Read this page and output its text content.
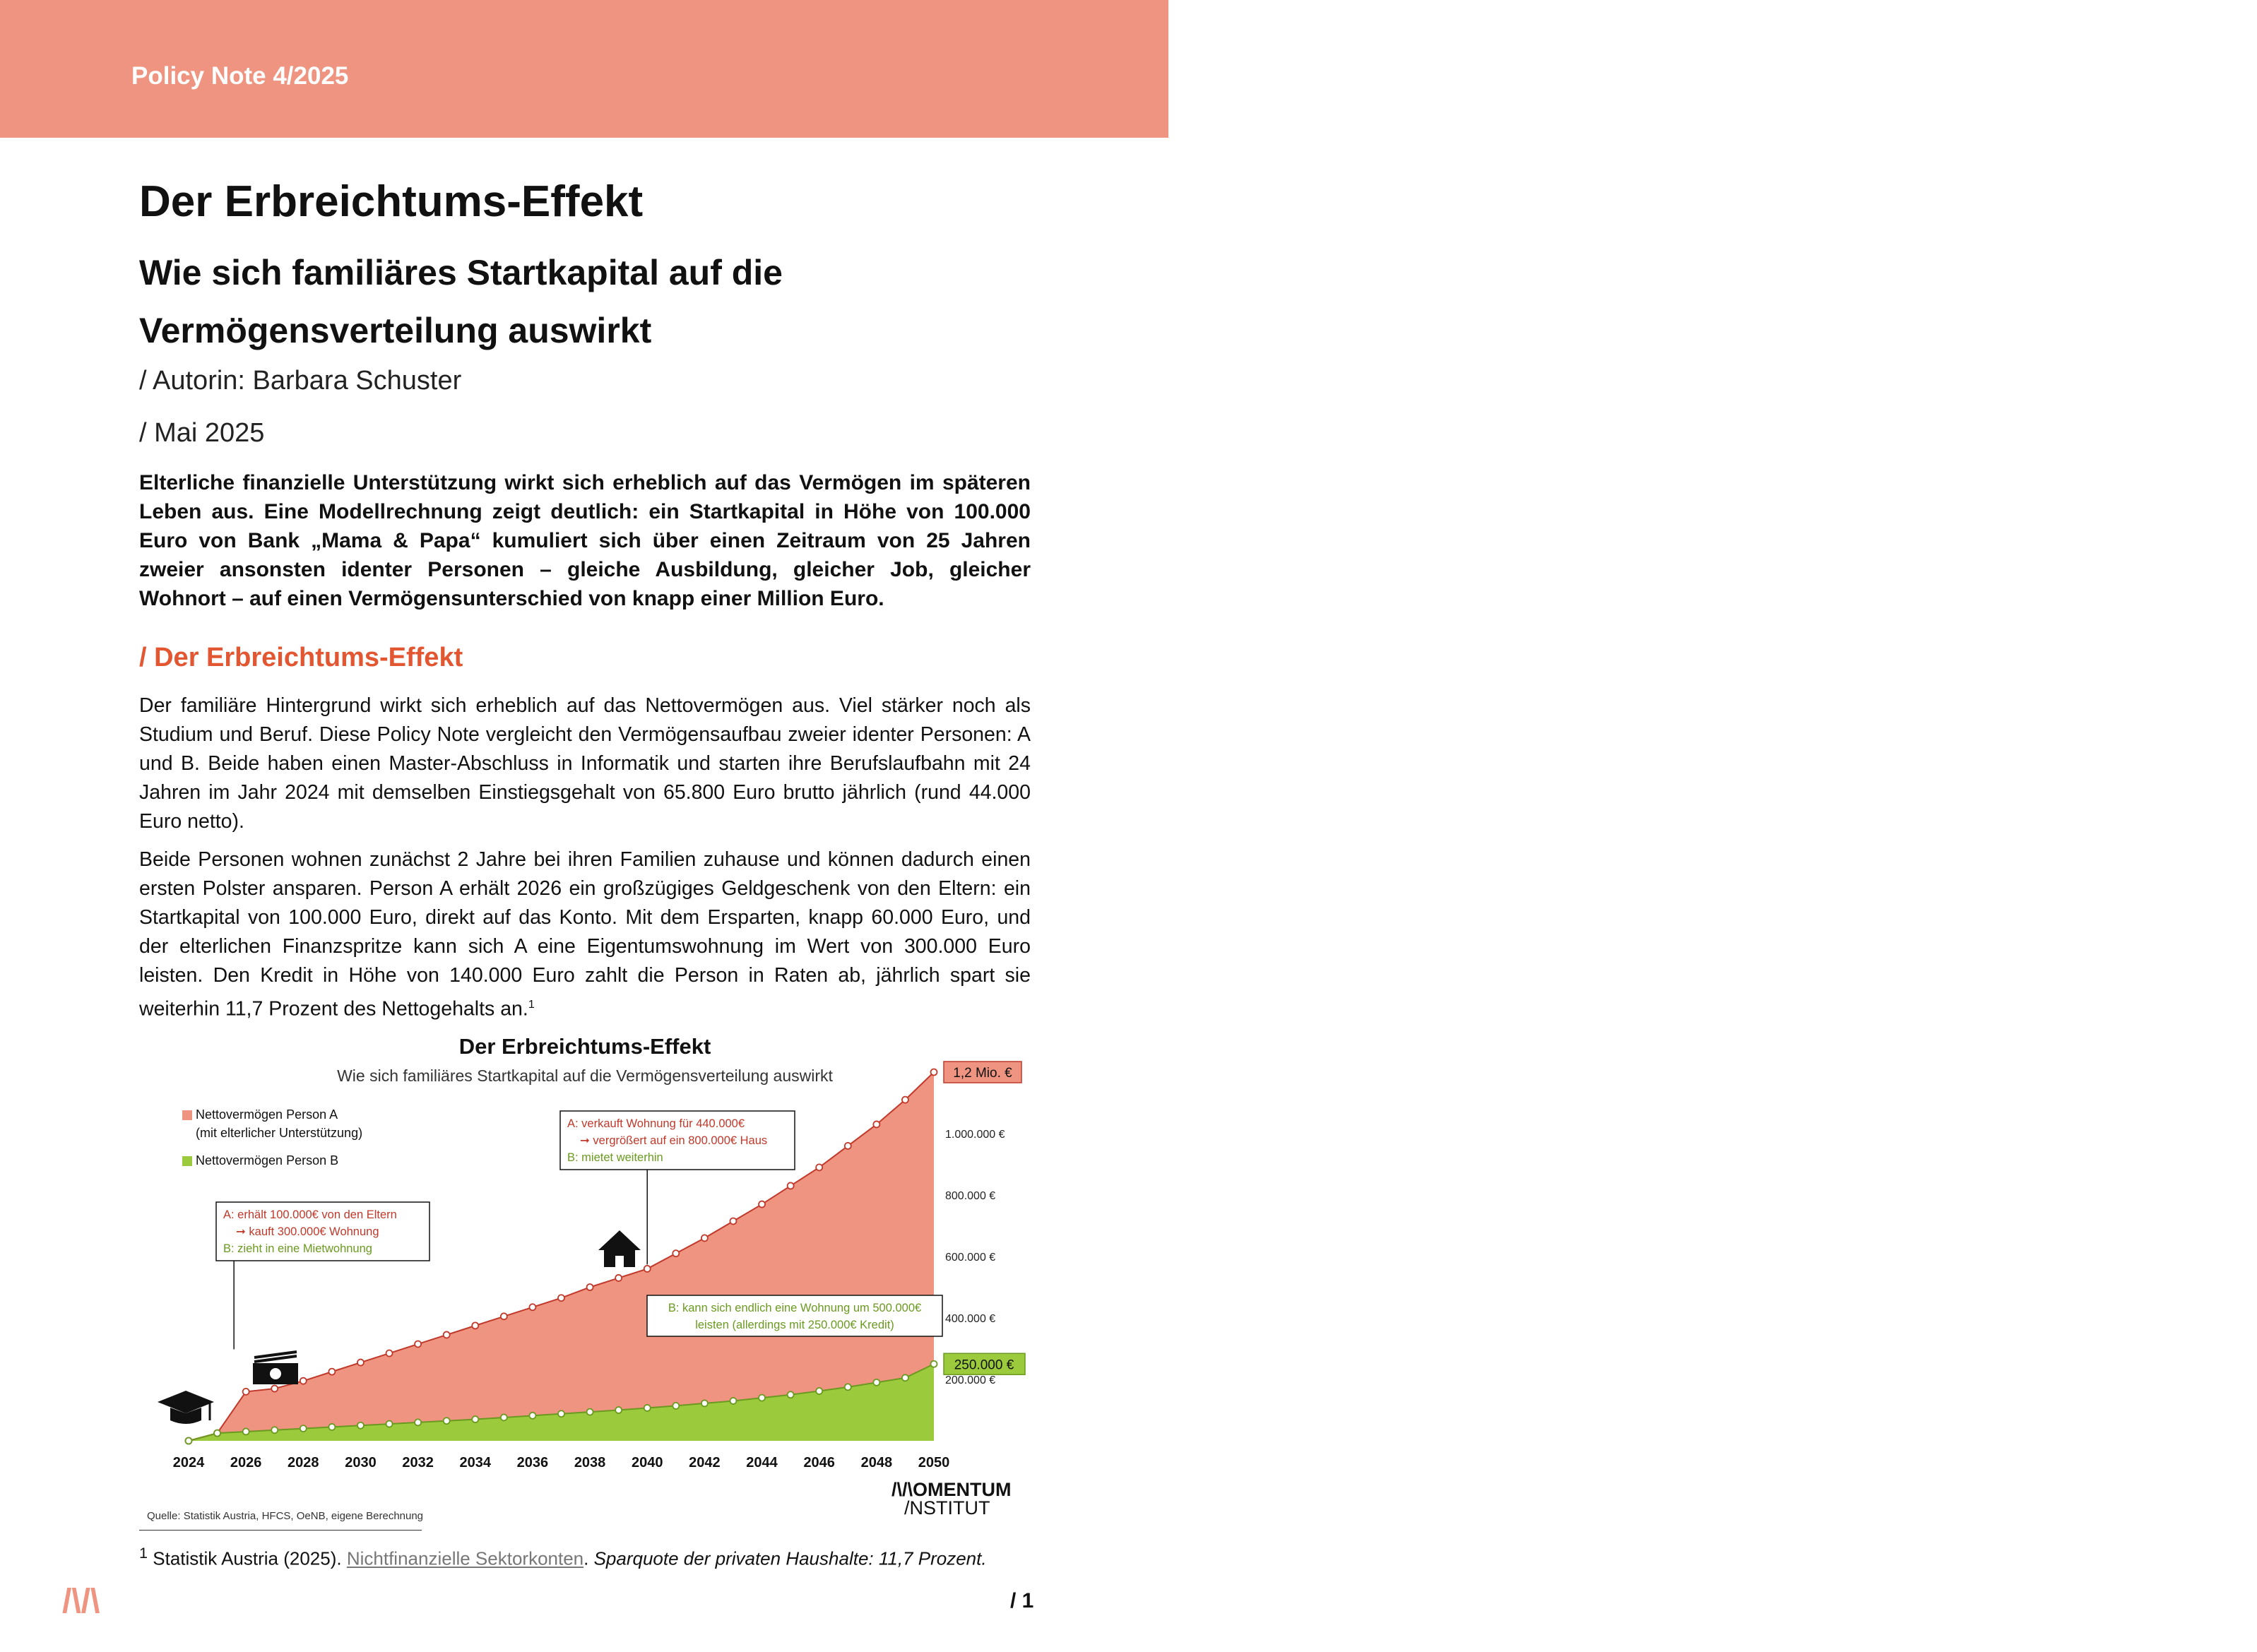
Policy Note 4/2025	/\/\OMENTUM
/NSTITUT
Der Erbreichtums-Effekt
Wie sich familiäres Startkapital auf die
Vermögensverteilung auswirkt
/ Autorin: Barbara Schuster
/ Mai 2025

Elterliche finanzielle Unterstützung wirkt sich erheblich auf das Vermögen im späteren Leben aus. Eine Modellrechnung zeigt deutlich: ein Startkapital in Höhe von 100.000 Euro von Bank „Mama & Papa“ kumuliert sich über einen Zeitraum von 25 Jahren zweier ansonsten identer Personen – gleiche Ausbildung, gleicher Job, gleicher Wohnort – auf einen Vermögensunterschied von knapp einer Million Euro.

/ Der Erbreichtums-Effekt

Der familiäre Hintergrund wirkt sich erheblich auf das Nettovermögen aus. Viel stärker noch als Studium und Beruf. Diese Policy Note vergleicht den Vermögensaufbau zweier identer Personen: A und B. Beide haben einen Master-Abschluss in Informatik und starten ihre Berufslaufbahn mit 24 Jahren im Jahr 2024 mit demselben Einstiegsgehalt von 65.800 Euro brutto jährlich (rund 44.000 Euro netto).

Beide Personen wohnen zunächst 2 Jahre bei ihren Familien zuhause und können dadurch einen ersten Polster ansparen. Person A erhält 2026 ein großzügiges Geldgeschenk von den Eltern: ein Startkapital von 100.000 Euro, direkt auf das Konto. Mit dem Ersparten, knapp 60.000 Euro, und der elterlichen Finanzspritze kann sich A eine Eigentumswohnung im Wert von 300.000 Euro leisten. Den Kredit in Höhe von 140.000 Euro zahlt die Person in Raten ab, jährlich spart sie weiterhin 11,7 Prozent des Nettogehalts an.$^1$

Der Erbreichtums-Effekt
Wie sich familiäres Startkapital auf die Vermögensverteilung auswirkt
2024 2026 2028 2030 2032 2034 2036 2038 2040 2042 2044 2046 2048 2050
200.000 €
400.000 €
600.000 €
800.000 €
1.000.000 €
1,2 Mio. €
250.000 €
Nettovermögen Person A
(mit elterlicher Unterstützung)
Nettovermögen Person B
A: erhält 100.000€ von den Eltern
➞ kauft 300.000€ Wohnung
B: zieht in eine Mietwohnung
A: verkauft Wohnung für 440.000€
➞ vergrößert auf ein 800.000€ Haus
B: mietet weiterhin
B: kann sich endlich eine Wohnung um 500.000€
leisten (allerdings mit 250.000€ Kredit)
/\/\OMENTUM
/NSTITUT
Quelle: Statistik Austria, HFCS, OeNB, eigene Berechnung
$^1$ Statistik Austria (2025). Nichtfinanzielle Sektorkonten. Sparquote der privaten Haushalte: 11,7 Prozent.
/\/\	/ 1
